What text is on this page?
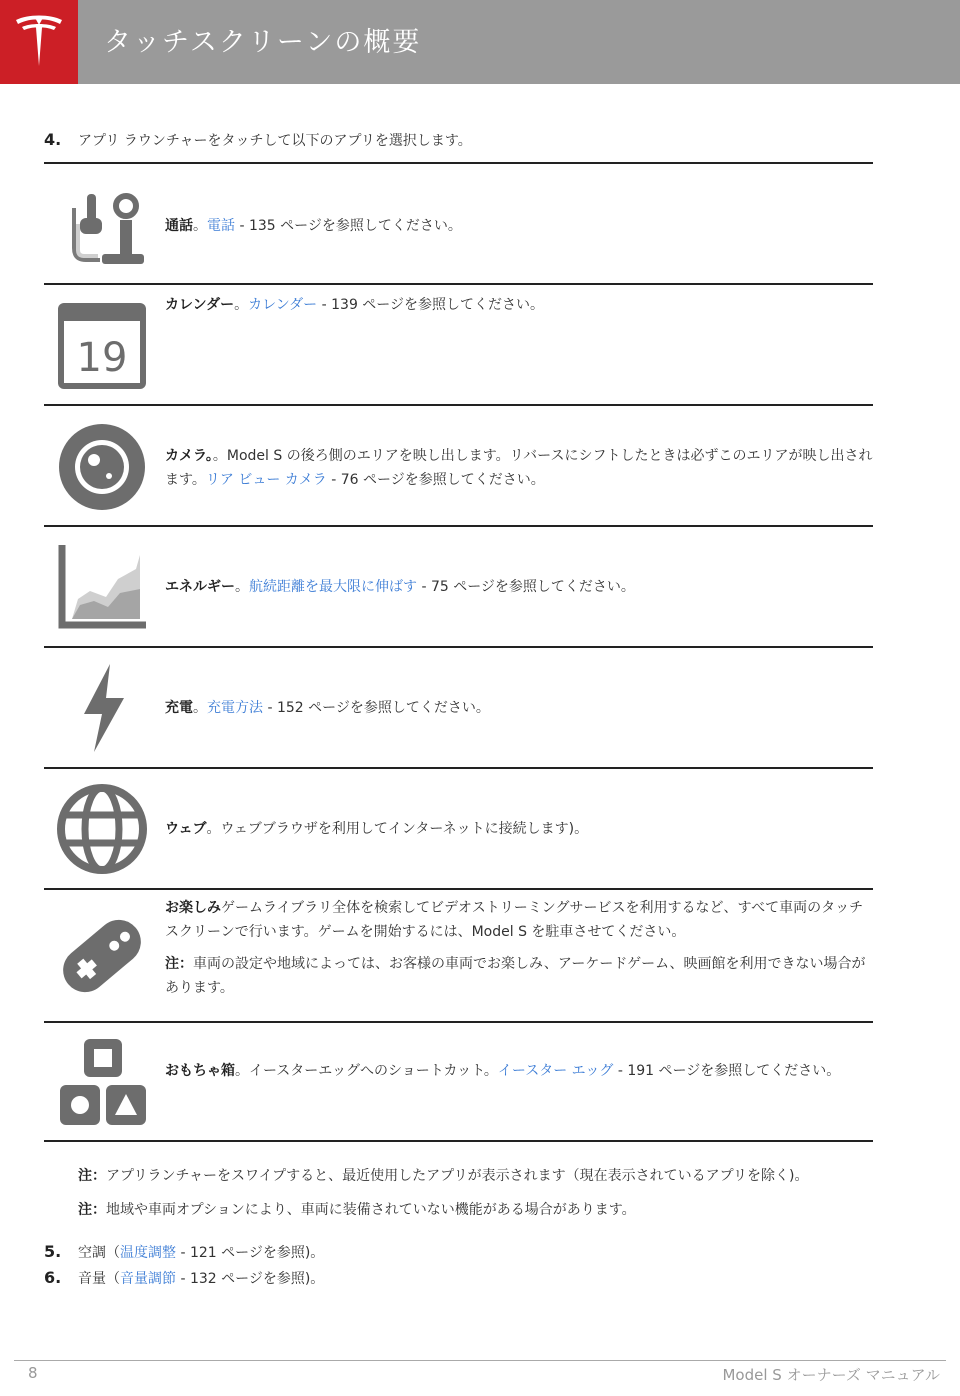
タッチスクリーンの概要
4. アプリ ラウンチャーをタッチして以下のアプリを選択します。
通話。電話 - 135 ページを参照してください。
19
カレンダー。カレンダー - 139 ページを参照してください。
カメラ。。Model S の後ろ側のエリアを映し出します。リバースにシフトしたときは必ずこのエリアが映し出されます。リア ビュー カメラ - 76 ページを参照してください。
エネルギー。航続距離を最大限に伸ばす - 75 ページを参照してください。
充電。充電方法 - 152 ページを参照してください。
ウェブ。ウェブブラウザを利用してインターネットに接続します)。

お楽しみゲームライブラリ全体を検索してビデオストリーミングサービスを利用するなど、すべて車両のタッチスクリーンで行います。ゲームを開始するには、Model S を駐車させてください。

注：車両の設定や地域によっては、お客様の車両でお楽しみ、アーケードゲーム、映画館を利用できない場合があります。

おもちゃ箱。イースターエッグへのショートカット。イースター エッグ - 191 ページを参照してください。

注：アプリランチャーをスワイプすると、最近使用したアプリが表示されます（現在表示されているアプリを除く)。

注：地域や車両オプションにより、車両に装備されていない機能がある場合があります。

5. 空調（温度調整 - 121 ページを参照)。
6. 音量（音量調節 - 132 ページを参照)。
8	Model S オーナーズ マニュアル
